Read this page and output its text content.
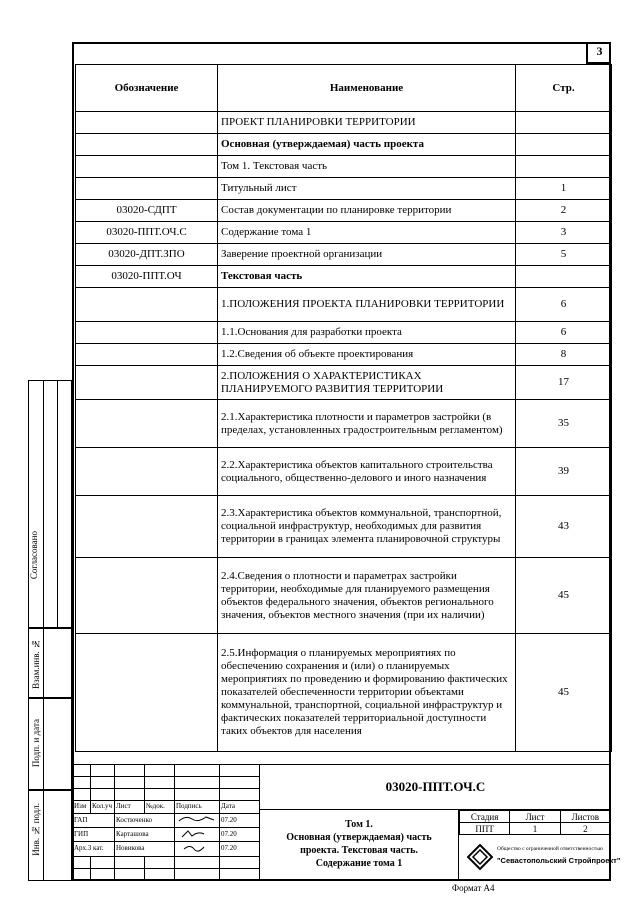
3
Обозначение	Наименование	Стр.
	ПРОЕКТ ПЛАНИРОВКИ ТЕРРИТОРИИ	
	Основная (утверждаемая) часть проекта	
	Том 1. Текстовая часть	
	Титульный лист	1
03020-СДПТ	Состав документации по планировке территории	2
03020-ППТ.ОЧ.С	Содержание тома 1	3
03020-ДПТ.ЗПО	Заверение проектной организации	5
03020-ППТ.ОЧ	Текстовая часть	
	1.ПОЛОЖЕНИЯ ПРОЕКТА ПЛАНИРОВКИ ТЕРРИТОРИИ	6
	1.1.Основания для разработки проекта	6
	1.2.Сведения об объекте проектирования	8
	2.ПОЛОЖЕНИЯ О ХАРАКТЕРИСТИКАХ ПЛАНИРУЕМОГО РАЗВИТИЯ ТЕРРИТОРИИ	17
	2.1.Характеристика плотности и параметров застройки (в пределах, установленных градостроительным регламентом)	35
	2.2.Характеристика объектов капитального строительства социального, общественно-делового и иного назначения	39
	2.3.Характеристика объектов коммунальной, транспортной, социальной инфраструктур, необходимых для развития территории в границах элемента планировочной структуры	43
	2.4.Сведения о плотности и параметрах застройки территории, необходимые для планируемого размещения объектов федерального значения, объектов регионального значения, объектов местного значения (при их наличии)	45
	2.5.Информация о планируемых мероприятиях по обеспечению сохранения и (или) о планируемых мероприятиях по проведению и формированию фактических показателей обеспеченности территории объектами коммунальной, транспортной, социальной инфраструктур и фактических показателей территориальной доступности таких объектов для населения	45
Согласовано
Взам.инв. №
Подп. и дата
Инв. № подл.

						Изм	Кол.уч	Лист	№док.	Подпись	Дата
ГАП		Костюченко			07.20
ГИП		Карташова			07.20
Арх.3 кат.		Новикова			07.20

03020-ППТ.ОЧ.С
Том 1.
Основная (утверждаемая) часть
проекта. Текстовая часть.
Содержание тома 1
Стадия	Лист	Листов
ППТ	1	2
Общество с ограниченной ответственностью
"Севастопольский Стройпроект"
Формат А4
